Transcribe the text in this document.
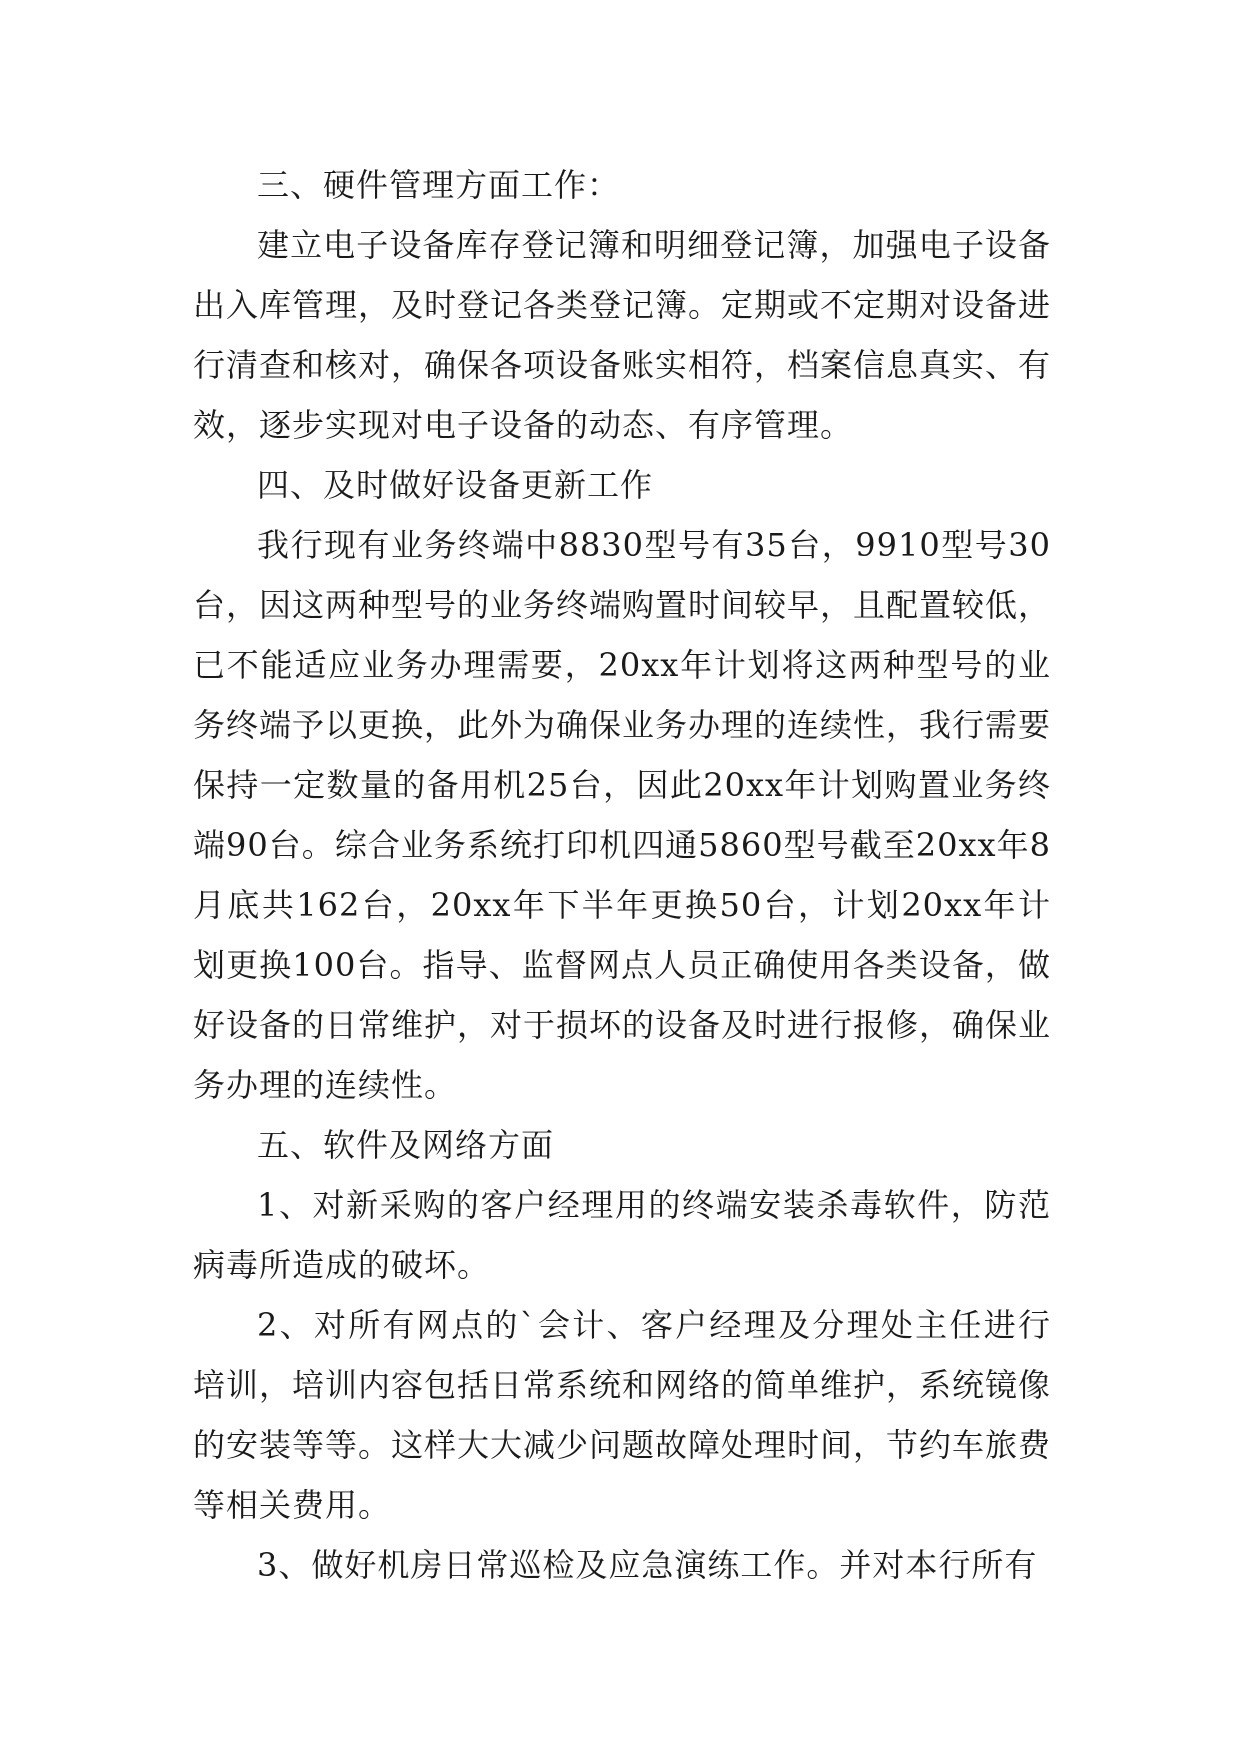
三、硬件管理方面工作：

建立电子设备库存登记簿和明细登记簿，加强电子设备出入库管理，及时登记各类登记簿。定期或不定期对设备进行清查和核对，确保各项设备账实相符，档案信息真实、有效，逐步实现对电子设备的动态、有序管理。

四、及时做好设备更新工作

我行现有业务终端中8830型号有35台，9910型号30台，因这两种型号的业务终端购置时间较早，且配置较低，已不能适应业务办理需要，20xx年计划将这两种型号的业务终端予以更换，此外为确保业务办理的连续性，我行需要保持一定数量的备用机25台，因此20xx年计划购置业务终端90台。综合业务系统打印机四通5860型号截至20xx年8月底共162台，20xx年下半年更换50台，计划20xx年计划更换100台。指导、监督网点人员正确使用各类设备，做好设备的日常维护，对于损坏的设备及时进行报修，确保业务办理的连续性。

五、软件及网络方面

1、对新采购的客户经理用的终端安装杀毒软件，防范病毒所造成的破坏。

2、对所有网点的`会计、客户经理及分理处主任进行培训，培训内容包括日常系统和网络的简单维护，系统镜像的安装等等。这样大大减少问题故障处理时间，节约车旅费等相关费用。

3、做好机房日常巡检及应急演练工作。并对本行所有
